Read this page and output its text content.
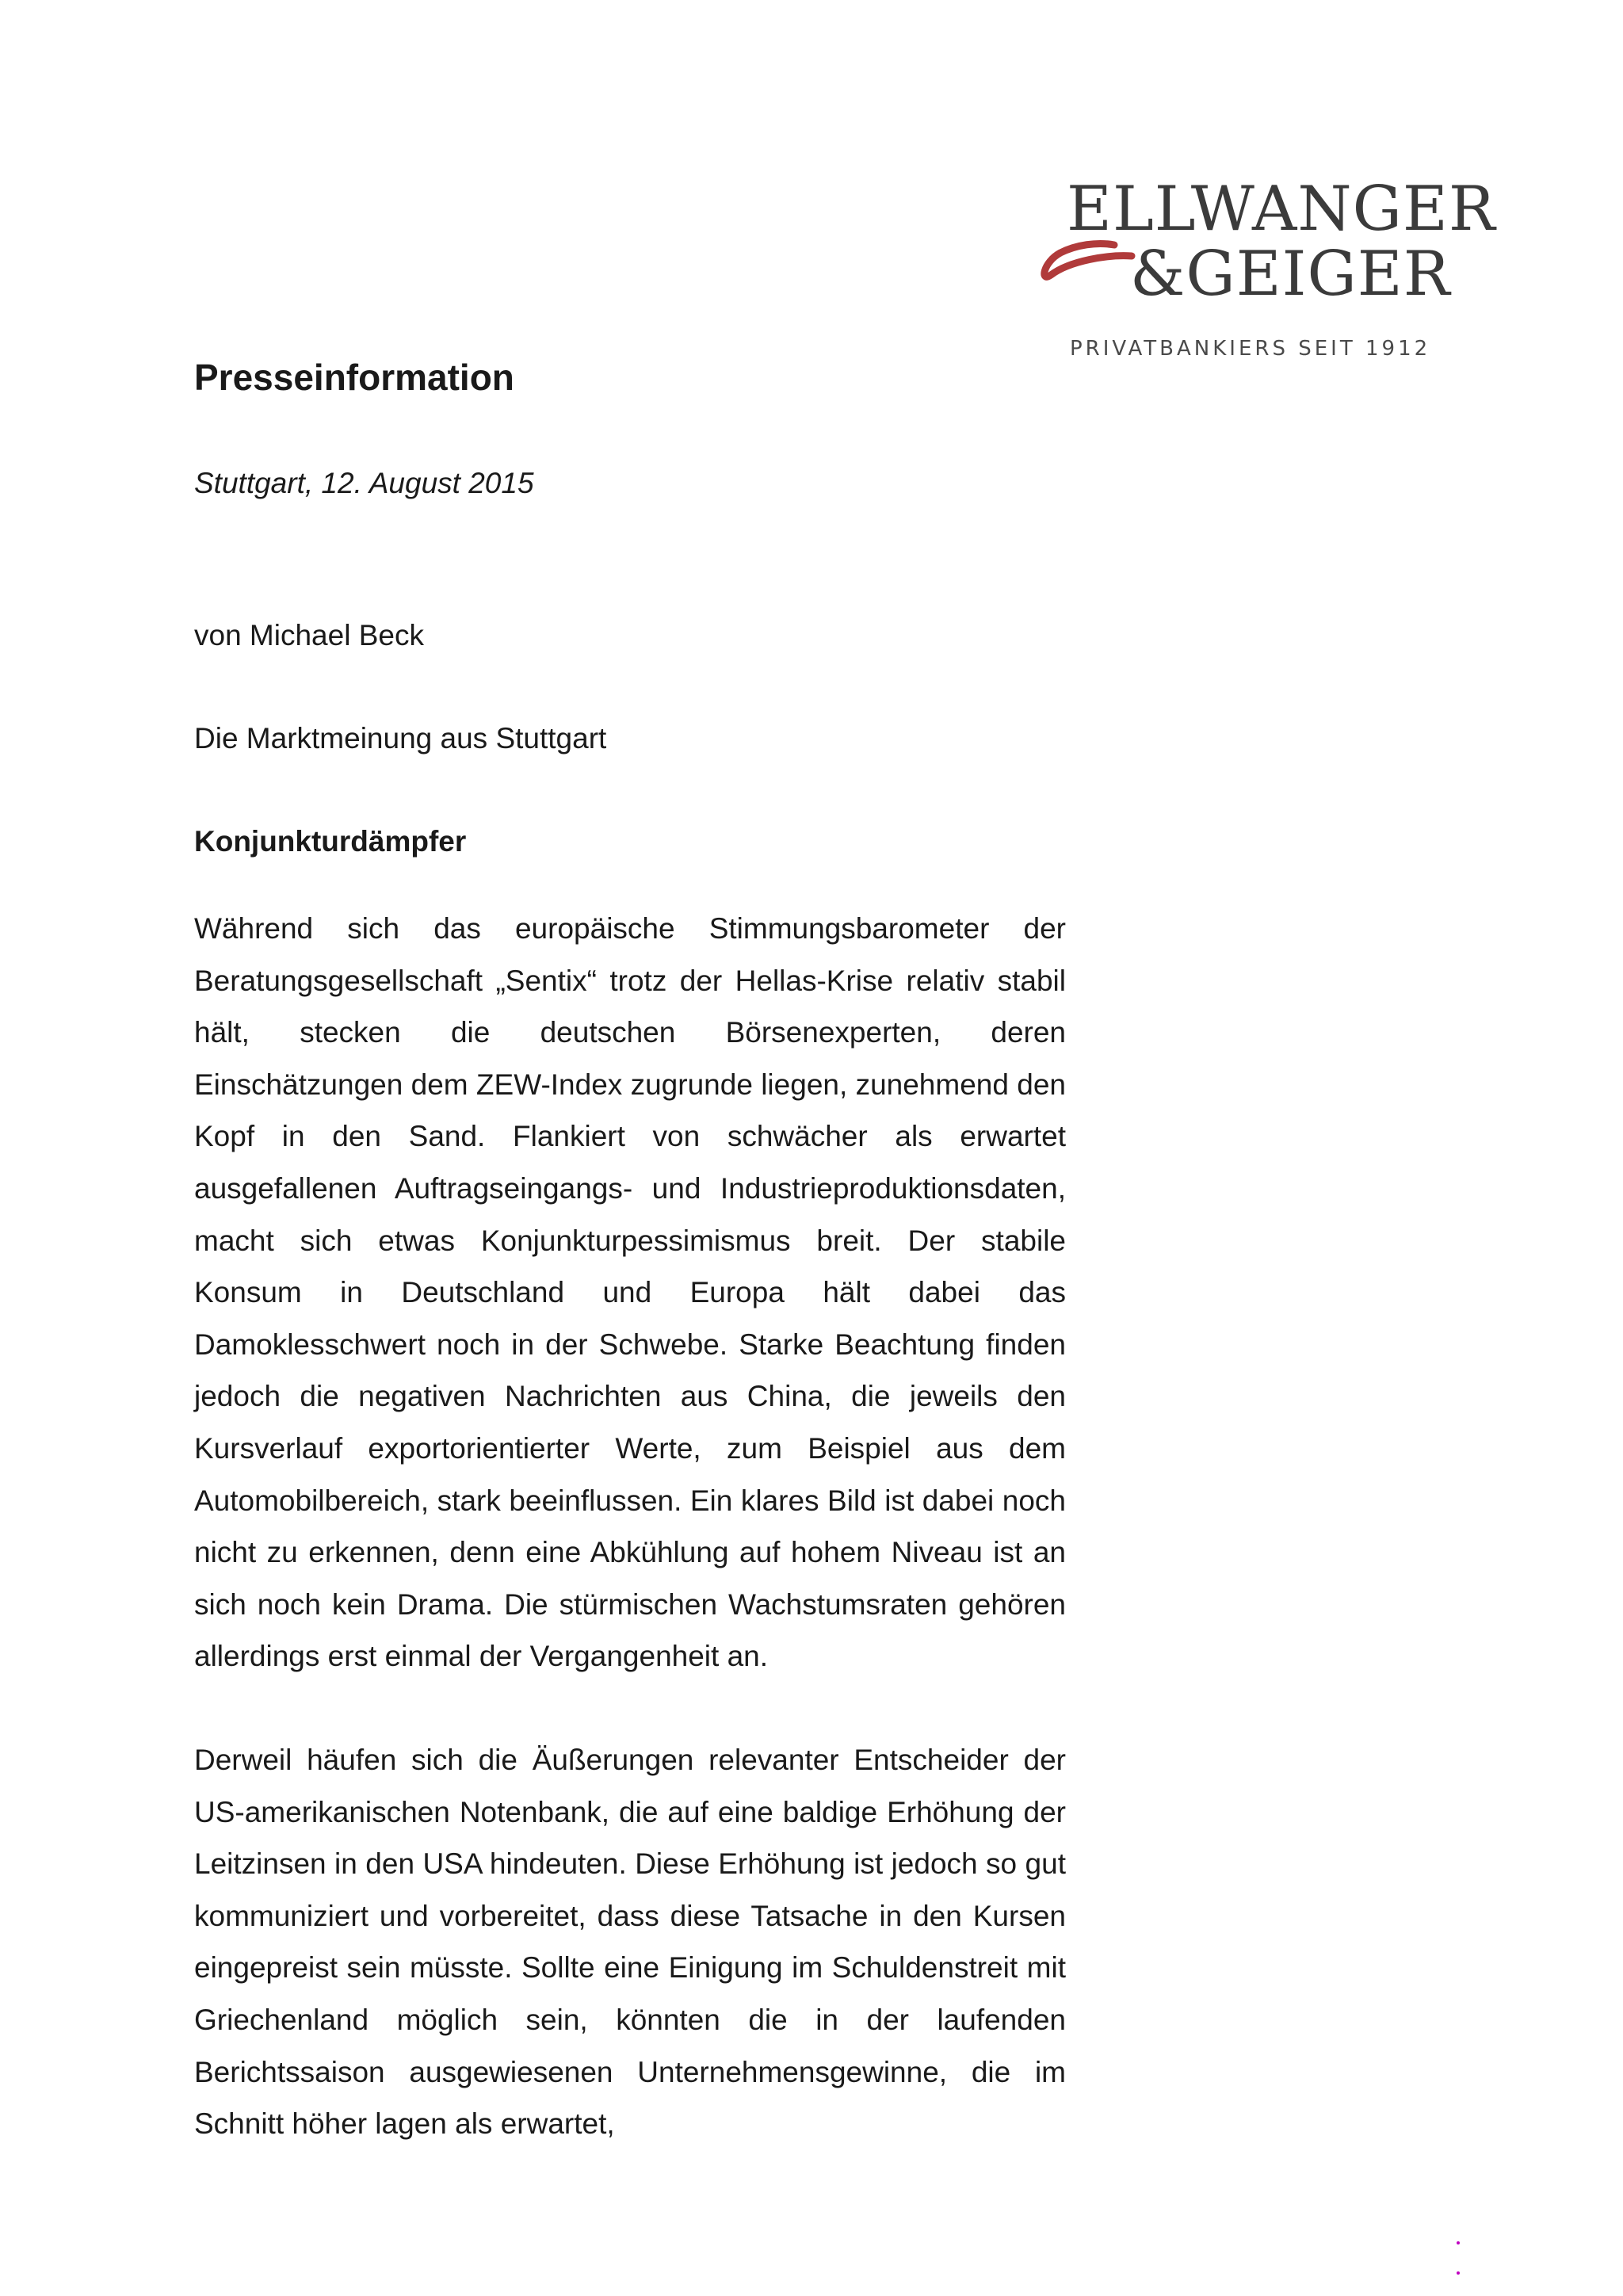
ELLWANGER
&GEIGER
PRIVATBANKIERS SEIT 1912
Presseinformation
Stuttgart, 12. August 2015
von Michael Beck
Die Marktmeinung aus Stuttgart
Konjunkturdämpfer

Während sich das europäische Stimmungsbarometer der Beratungsgesellschaft „Sentix“ trotz der Hellas-Krise relativ stabil hält, stecken die deutschen Börsenexperten, deren Einschätzungen dem ZEW-Index zugrunde liegen, zunehmend den Kopf in den Sand. Flankiert von schwächer als erwartet ausgefallenen Auftragseingangs- und Industrieproduktionsdaten, macht sich etwas Konjunkturpessimismus breit. Der stabile Konsum in Deutschland und Europa hält dabei das Damoklesschwert noch in der Schwebe. Starke Beachtung finden jedoch die negativen Nachrichten aus China, die jeweils den Kursverlauf exportorientierter Werte, zum Beispiel aus dem Automobilbereich, stark beeinflussen. Ein klares Bild ist dabei noch nicht zu erkennen, denn eine Abkühlung auf hohem Niveau ist an sich noch kein Drama. Die stürmischen Wachstumsraten gehören allerdings erst einmal der Vergangenheit an.

Derweil häufen sich die Äußerungen relevanter Entscheider der US-amerikanischen Notenbank, die auf eine baldige Erhöhung der Leitzinsen in den USA hindeuten. Diese Erhöhung ist jedoch so gut kommuniziert und vorbereitet, dass diese Tatsache in den Kursen eingepreist sein müsste. Sollte eine Einigung im Schuldenstreit mit Griechenland möglich sein, könnten die in der laufenden Berichtssaison ausgewiesenen Unternehmensgewinne, die im Schnitt höher lagen als erwartet,
